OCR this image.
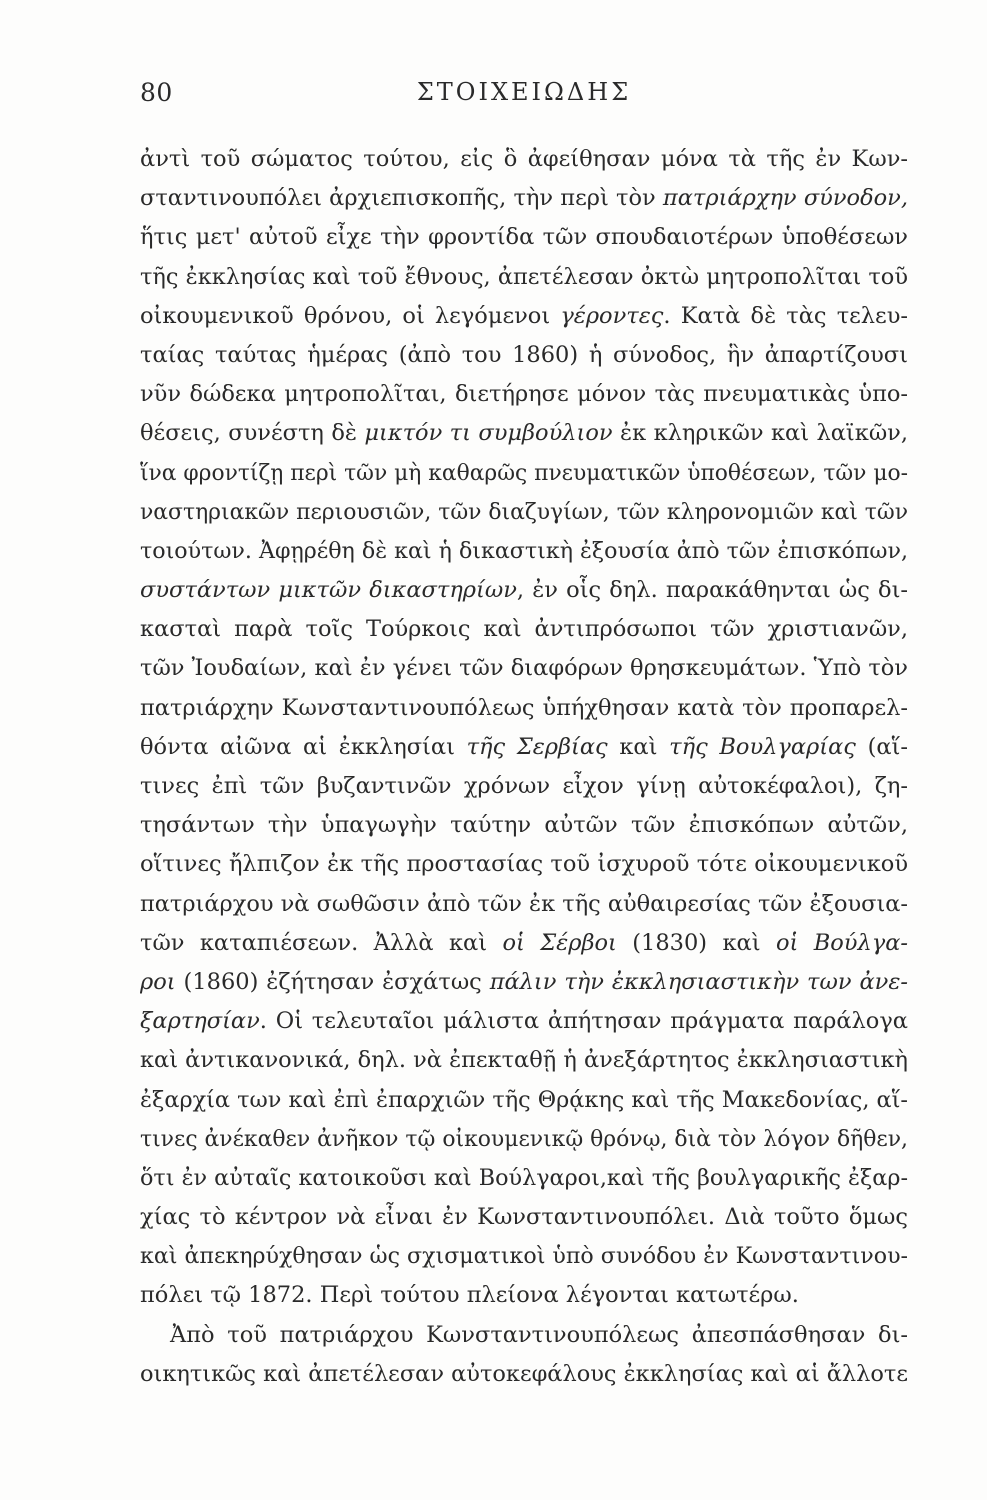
80	ΣΤΟΙΧΕΙΩΔΗΣ
ἀντὶ τοῦ σώματος τούτου, εἰς ὃ ἀφείθησαν μόνα τὰ τῆς ἐν Κων-
σταντινουπόλει ἀρχιεπισκοπῆς, τὴν περὶ τὸν πατριάρχην σύνοδον,
ἥτις μετ' αὐτοῦ εἶχε τὴν φροντίδα τῶν σπουδαιοτέρων ὑποθέσεων
τῆς ἐκκλησίας καὶ τοῦ ἔθνους, ἀπετέλεσαν ὀκτὼ μητροπολῖται τοῦ
οἰκουμενικοῦ θρόνου, οἱ λεγόμενοι γέροντες. Κατὰ δὲ τὰς τελευ-
ταίας ταύτας ἡμέρας (ἀπὸ του 1860) ἡ σύνοδος, ἣν ἀπαρτίζουσι
νῦν δώδεκα μητροπολῖται, διετήρησε μόνον τὰς πνευματικὰς ὑπο-
θέσεις, συνέστη δὲ μικτόν τι συμβούλιον ἐκ κληρικῶν καὶ λαϊκῶν,
ἵνα φροντίζῃ περὶ τῶν μὴ καθαρῶς πνευματικῶν ὑποθέσεων, τῶν μο-
ναστηριακῶν περιουσιῶν, τῶν διαζυγίων, τῶν κληρονομιῶν καὶ τῶν
τοιούτων. Ἀφῃρέθη δὲ καὶ ἡ δικαστικὴ ἐξουσία ἀπὸ τῶν ἐπισκόπων,
συστάντων μικτῶν δικαστηρίων, ἐν οἷς δηλ. παρακάθηνται ὡς δι-
κασταὶ παρὰ τοῖς Τούρκοις καὶ ἀντιπρόσωποι τῶν χριστιανῶν,
τῶν Ἰουδαίων, καὶ ἐν γένει τῶν διαφόρων θρησκευμάτων. Ὑπὸ τὸν
πατριάρχην Κωνσταντινουπόλεως ὑπήχθησαν κατὰ τὸν προπαρελ-
θόντα αἰῶνα αἱ ἐκκλησίαι τῆς Σερβίας καὶ τῆς Βουλγαρίας (αἵ-
τινες ἐπὶ τῶν βυζαντινῶν χρόνων εἶχον γίνῃ αὐτοκέφαλοι), ζη-
τησάντων τὴν ὑπαγωγὴν ταύτην αὐτῶν τῶν ἐπισκόπων αὐτῶν,
οἵτινες ἤλπιζον ἐκ τῆς προστασίας τοῦ ἰσχυροῦ τότε οἰκουμενικοῦ
πατριάρχου νὰ σωθῶσιν ἀπὸ τῶν ἐκ τῆς αὐθαιρεσίας τῶν ἐξουσια-
τῶν καταπιέσεων. Ἀλλὰ καὶ οἱ Σέρβοι (1830) καὶ οἱ Βούλγα-
ροι (1860) ἐζήτησαν ἐσχάτως πάλιν τὴν ἐκκλησιαστικὴν των ἀνε-
ξαρτησίαν. Οἱ τελευταῖοι μάλιστα ἀπήτησαν πράγματα παράλογα
καὶ ἀντικανονικά, δηλ. νὰ ἐπεκταθῇ ἡ ἀνεξάρτητος ἐκκλησιαστικὴ
ἐξαρχία των καὶ ἐπὶ ἐπαρχιῶν τῆς Θρᾴκης καὶ τῆς Μακεδονίας, αἵ-
τινες ἀνέκαθεν ἀνῆκον τῷ οἰκουμενικῷ θρόνῳ, διὰ τὸν λόγον δῆθεν,
ὅτι ἐν αὐταῖς κατοικοῦσι καὶ Βούλγαροι,καὶ τῆς βουλγαρικῆς ἐξαρ-
χίας τὸ κέντρον νὰ εἶναι ἐν Κωνσταντινουπόλει. Διὰ τοῦτο ὅμως
καὶ ἀπεκηρύχθησαν ὡς σχισματικοὶ ὑπὸ συνόδου ἐν Κωνσταντινου-
πόλει τῷ 1872. Περὶ τούτου πλείονα λέγονται κατωτέρω.
Ἀπὸ τοῦ πατριάρχου Κωνσταντινουπόλεως ἀπεσπάσθησαν δι-
οικητικῶς καὶ ἀπετέλεσαν αὐτοκεφάλους ἐκκλησίας καὶ αἱ ἄλλοτε
